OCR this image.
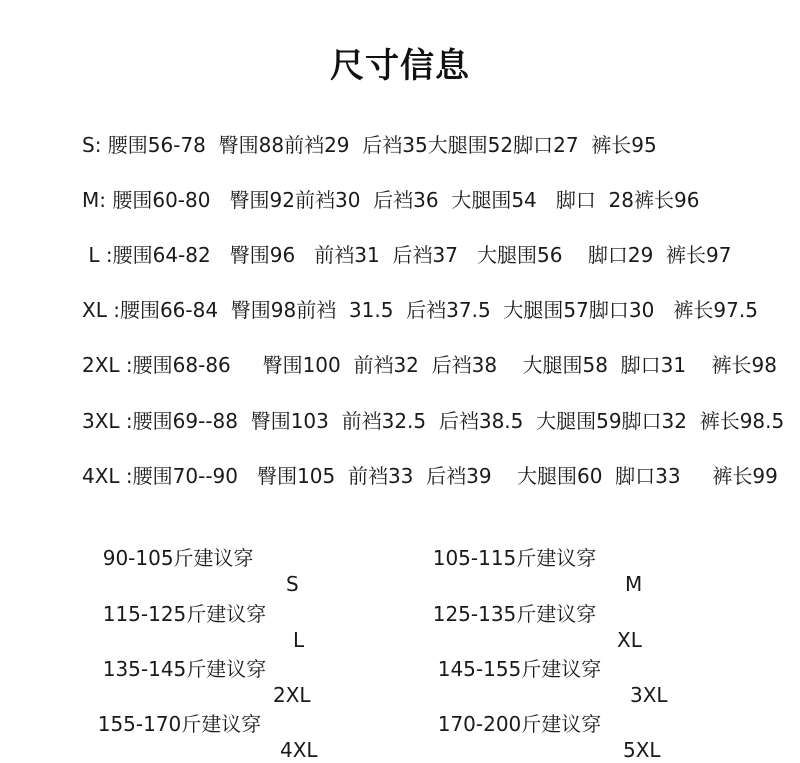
尺寸信息
S: 腰围56-78  臀围88前裆29  后裆35大腿围52脚口27  裤长95
M: 腰围60-80   臀围92前裆30  后裆36  大腿围54   脚口  28裤长96
L :腰围64-82   臀围96   前裆31  后裆37   大腿围56    脚口29  裤长97
XL :腰围66-84  臀围98前裆  31.5  后裆37.5  大腿围57脚口30   裤长97.5
2XL :腰围68-86     臀围100  前裆32  后裆38    大腿围58  脚口31    裤长98
3XL :腰围69--88  臀围103  前裆32.5  后裆38.5  大腿围59脚口32  裤长98.5
4XL :腰围70--90   臀围105  前裆33  后裆39    大腿围60  脚口33     裤长99

90-105斤建议穿

S

105-115斤建议穿

M

115-125斤建议穿

L

125-135斤建议穿

XL

135-145斤建议穿

2XL

145-155斤建议穿

3XL

155-170斤建议穿

4XL

170-200斤建议穿

5XL
